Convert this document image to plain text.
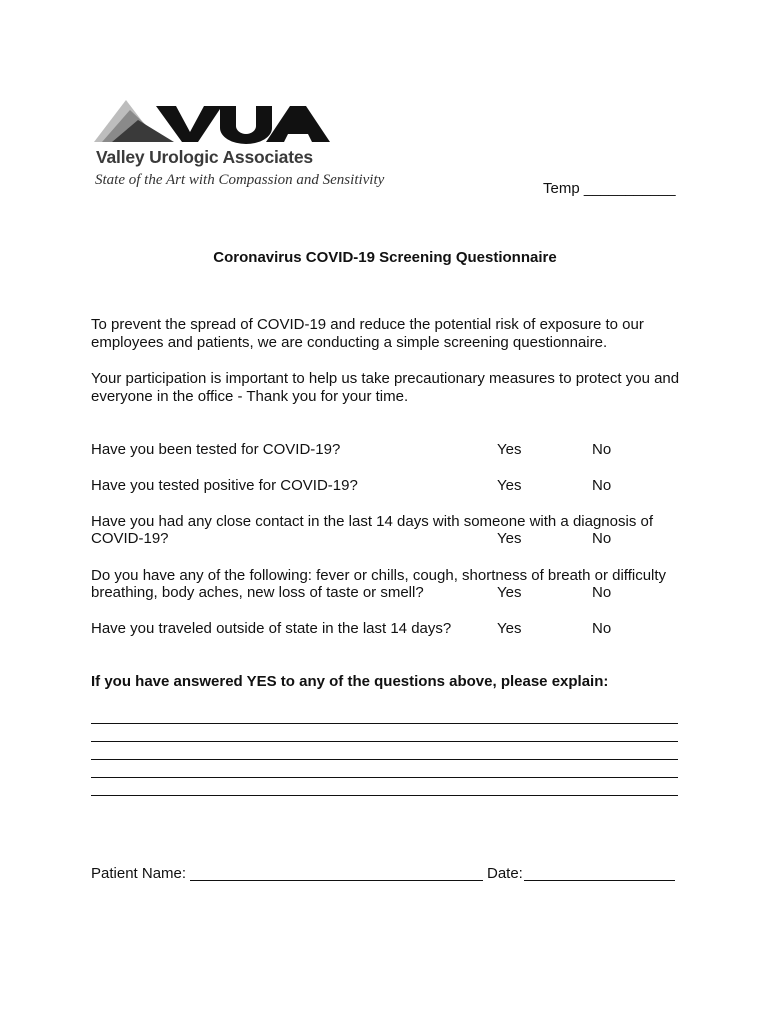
Valley Urologic Associates
State of the Art with Compassion and Sensitivity	Temp ___________
Coronavirus COVID-19 Screening Questionnaire
To prevent the spread of COVID-19 and reduce the potential risk of exposure to our employees and patients, we are conducting a simple screening questionnaire.
Your participation is important to help us take precautionary measures to protect you and everyone in the office - Thank you for your time.
Have you been tested for COVID-19?	Yes	No
Have you tested positive for COVID-19?	Yes	No
Have you had any close contact in the last 14 days with someone with a diagnosis of
COVID-19?	Yes	No
Do you have any of the following: fever or chills, cough, shortness of breath or difficulty
breathing, body aches, new loss of taste or smell?	Yes	No
Have you traveled outside of state in the last 14 days?	Yes	No
If you have answered YES to any of the questions above, please explain:
Patient Name:	Date:
